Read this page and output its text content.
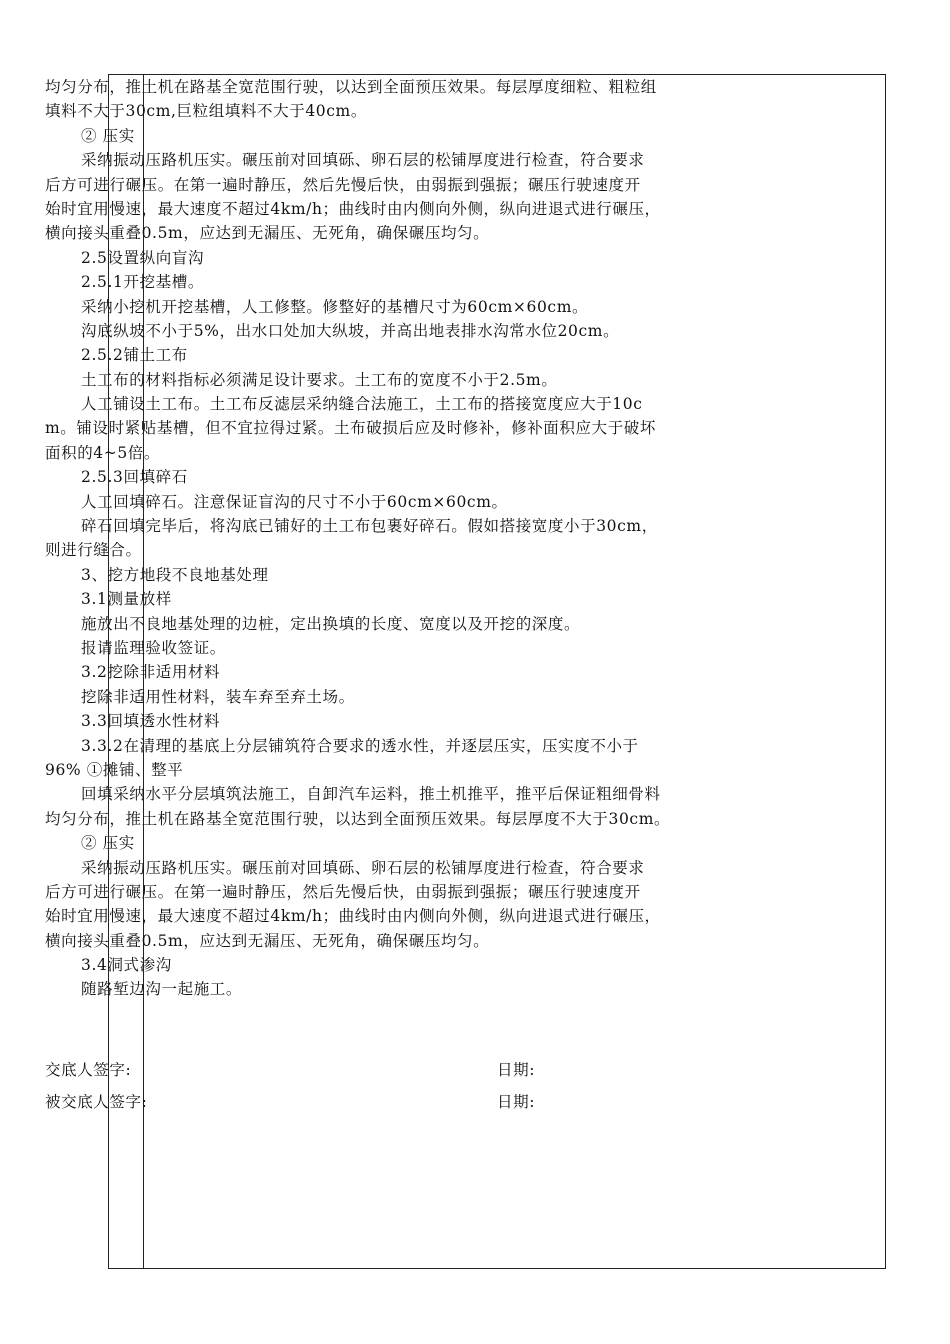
均匀分布，推土机在路基全宽范围行驶，以达到全面预压效果。每层厚度细粒、粗粒组
填料不大于30cm,巨粒组填料不大于40cm。
② 压实
采纳振动压路机压实。碾压前对回填砾、卵石层的松铺厚度进行检查，符合要求
后方可进行碾压。在第一遍时静压，然后先慢后快，由弱振到强振；碾压行驶速度开
始时宜用慢速，最大速度不超过4km/h；曲线时由内侧向外侧，纵向进退式进行碾压，
横向接头重叠0.5m，应达到无漏压、无死角，确保碾压均匀。
2.5设置纵向盲沟
2.5.1开挖基槽。
采纳小挖机开挖基槽，人工修整。修整好的基槽尺寸为60cm×60cm。
沟底纵坡不小于5%，出水口处加大纵坡，并高出地表排水沟常水位20cm。
2.5.2铺土工布
土工布的材料指标必须满足设计要求。土工布的宽度不小于2.5m。
人工铺设土工布。土工布反滤层采纳缝合法施工，土工布的搭接宽度应大于10c
m。铺设时紧贴基槽，但不宜拉得过紧。土布破损后应及时修补，修补面积应大于破坏
面积的4~5倍。
2.5.3回填碎石
人工回填碎石。注意保证盲沟的尺寸不小于60cm×60cm。
碎石回填完毕后，将沟底已铺好的土工布包裹好碎石。假如搭接宽度小于30cm，
则进行缝合。
3、挖方地段不良地基处理
3.1测量放样
施放出不良地基处理的边桩，定出换填的长度、宽度以及开挖的深度。
报请监理验收签证。
3.2挖除非适用材料
挖除非适用性材料，装车弃至弃土场。
3.3回填透水性材料
3.3.2在清理的基底上分层铺筑符合要求的透水性，并逐层压实，压实度不小于
96% ①摊铺、整平
回填采纳水平分层填筑法施工，自卸汽车运料，推土机推平，推平后保证粗细骨料
均匀分布，推土机在路基全宽范围行驶，以达到全面预压效果。每层厚度不大于30cm。
② 压实
采纳振动压路机压实。碾压前对回填砾、卵石层的松铺厚度进行检查，符合要求
后方可进行碾压。在第一遍时静压，然后先慢后快，由弱振到强振；碾压行驶速度开
始时宜用慢速，最大速度不超过4km/h；曲线时由内侧向外侧，纵向进退式进行碾压，
横向接头重叠0.5m，应达到无漏压、无死角，确保碾压均匀。
3.4洞式渗沟
随路堑边沟一起施工。
交底人签字:	日期:
被交底人签字:	日期:
